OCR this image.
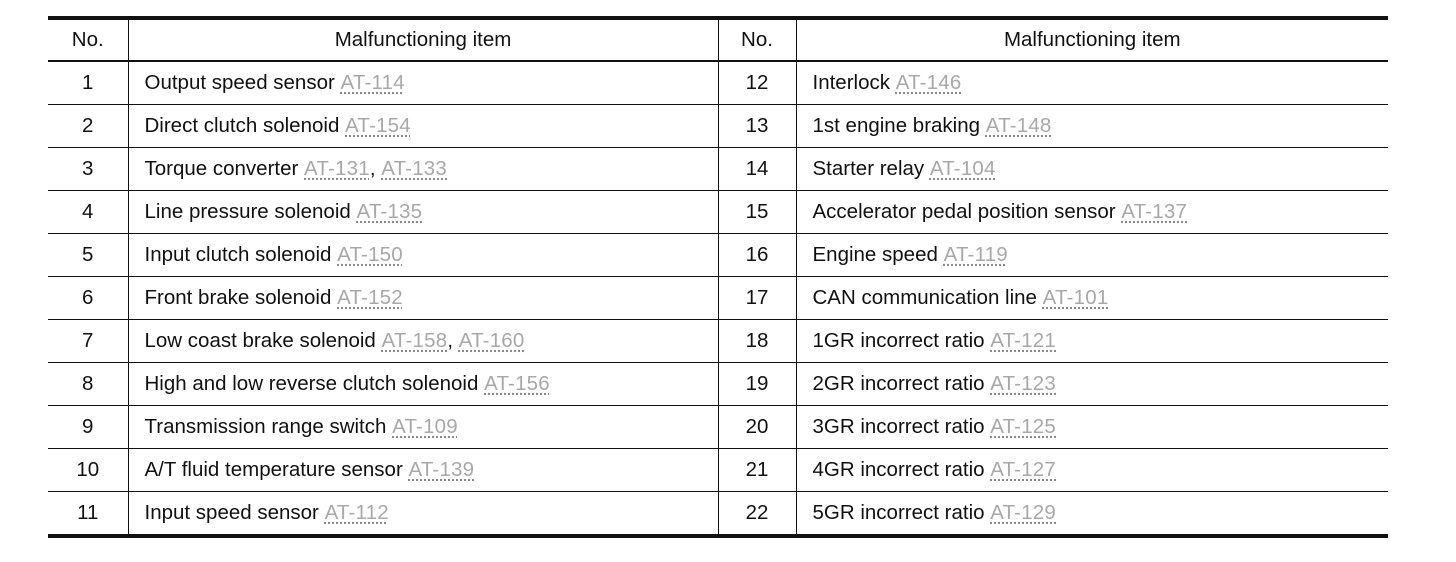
No.	Malfunctioning item	No.	Malfunctioning item
1	Output speed sensor AT-114	12	Interlock AT-146
2	Direct clutch solenoid AT-154	13	1st engine braking AT-148
3	Torque converter AT-131, AT-133	14	Starter relay AT-104
4	Line pressure solenoid AT-135	15	Accelerator pedal position sensor AT-137
5	Input clutch solenoid AT-150	16	Engine speed AT-119
6	Front brake solenoid AT-152	17	CAN communication line AT-101
7	Low coast brake solenoid AT-158, AT-160	18	1GR incorrect ratio AT-121
8	High and low reverse clutch solenoid AT-156	19	2GR incorrect ratio AT-123
9	Transmission range switch AT-109	20	3GR incorrect ratio AT-125
10	A/T fluid temperature sensor AT-139	21	4GR incorrect ratio AT-127
11	Input speed sensor AT-112	22	5GR incorrect ratio AT-129
